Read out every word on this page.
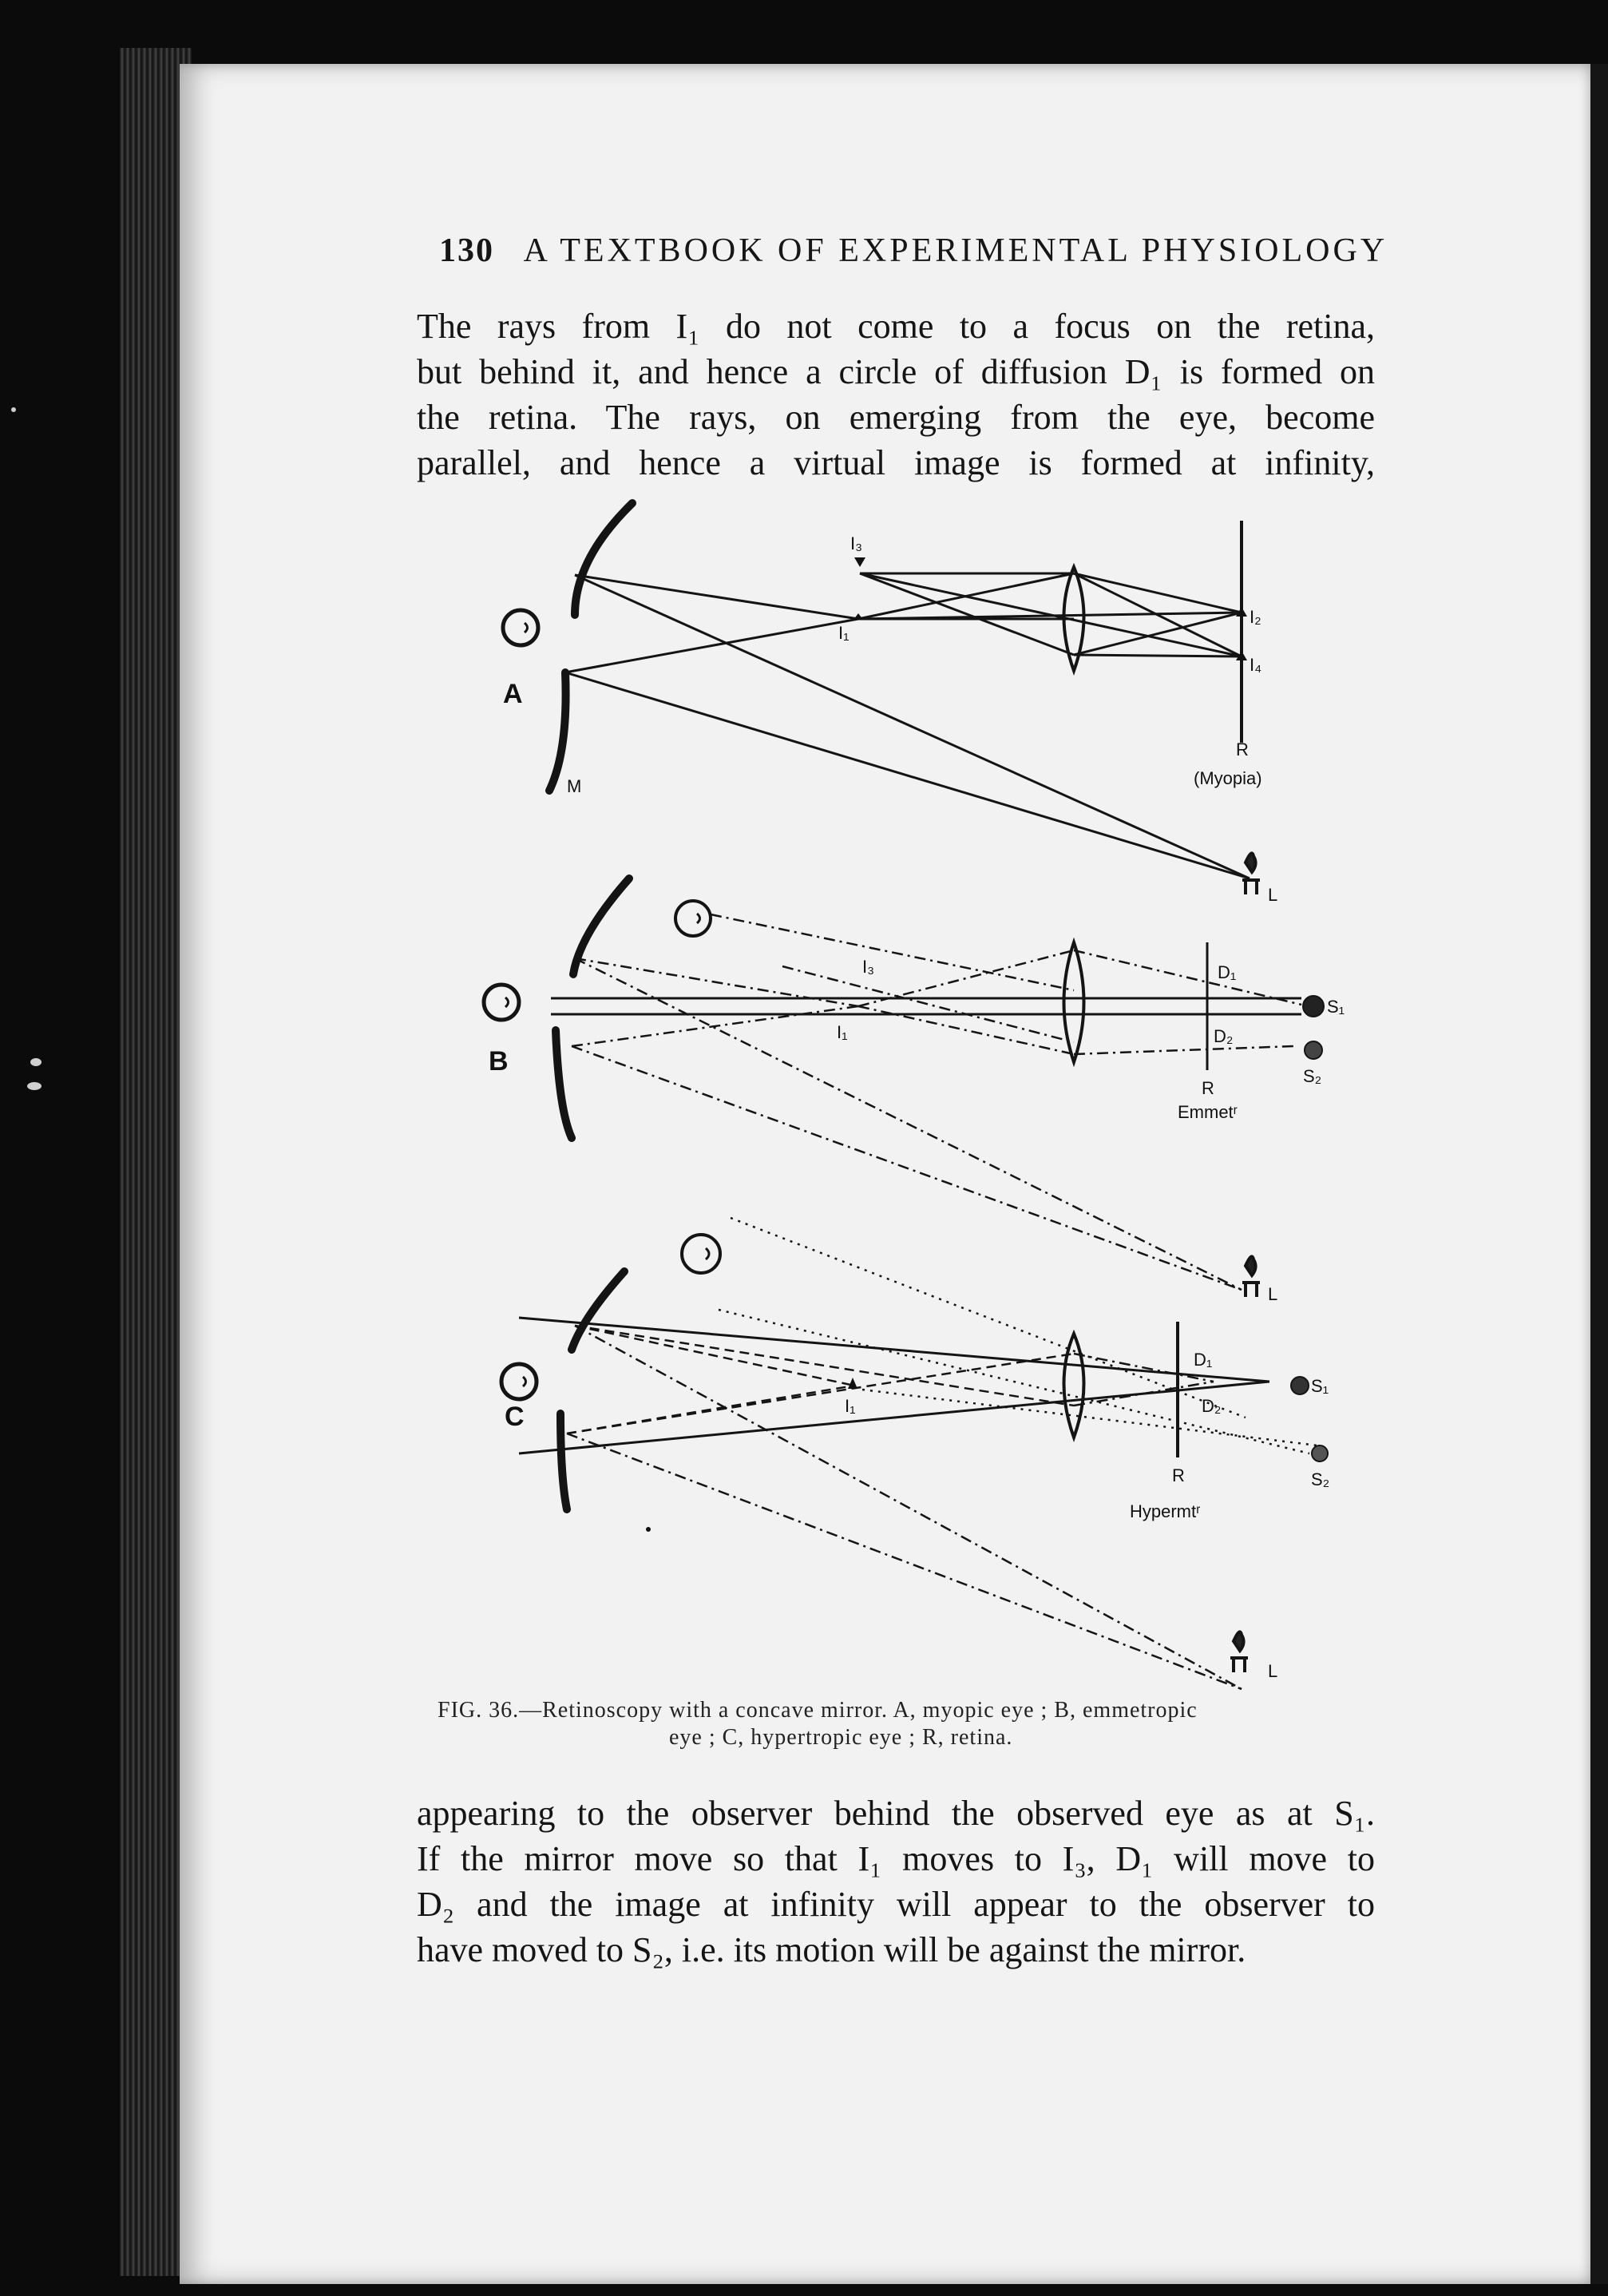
130 A TEXTBOOK OF EXPERIMENTAL PHYSIOLOGY
The rays from I₁ do not come to a focus on the retina,
but behind it, and hence a circle of diffusion D₁ is formed on
the retina. The rays, on emerging from the eye, become
parallel, and hence a virtual image is formed at infinity,
A
M
I₃
I₁
I₂
I₄
R
(Myopia)
L
B
I₃
I₁
D₁
D₂
S₁
S₂
R
Emmetʳ
L
C	I₁
D₁
D₂
S₁
S₂
R
Hypermtʳ
L
FIG. 36.—Retinoscopy with a concave mirror. A, myopic eye ; B, emmetropic
eye ; C, hypertropic eye ; R, retina.
appearing to the observer behind the observed eye as at S₁.
If the mirror move so that I₁ moves to I₃, D₁ will move to
D₂ and the image at infinity will appear to the observer to
have moved to S₂, i.e. its motion will be against the mirror.
